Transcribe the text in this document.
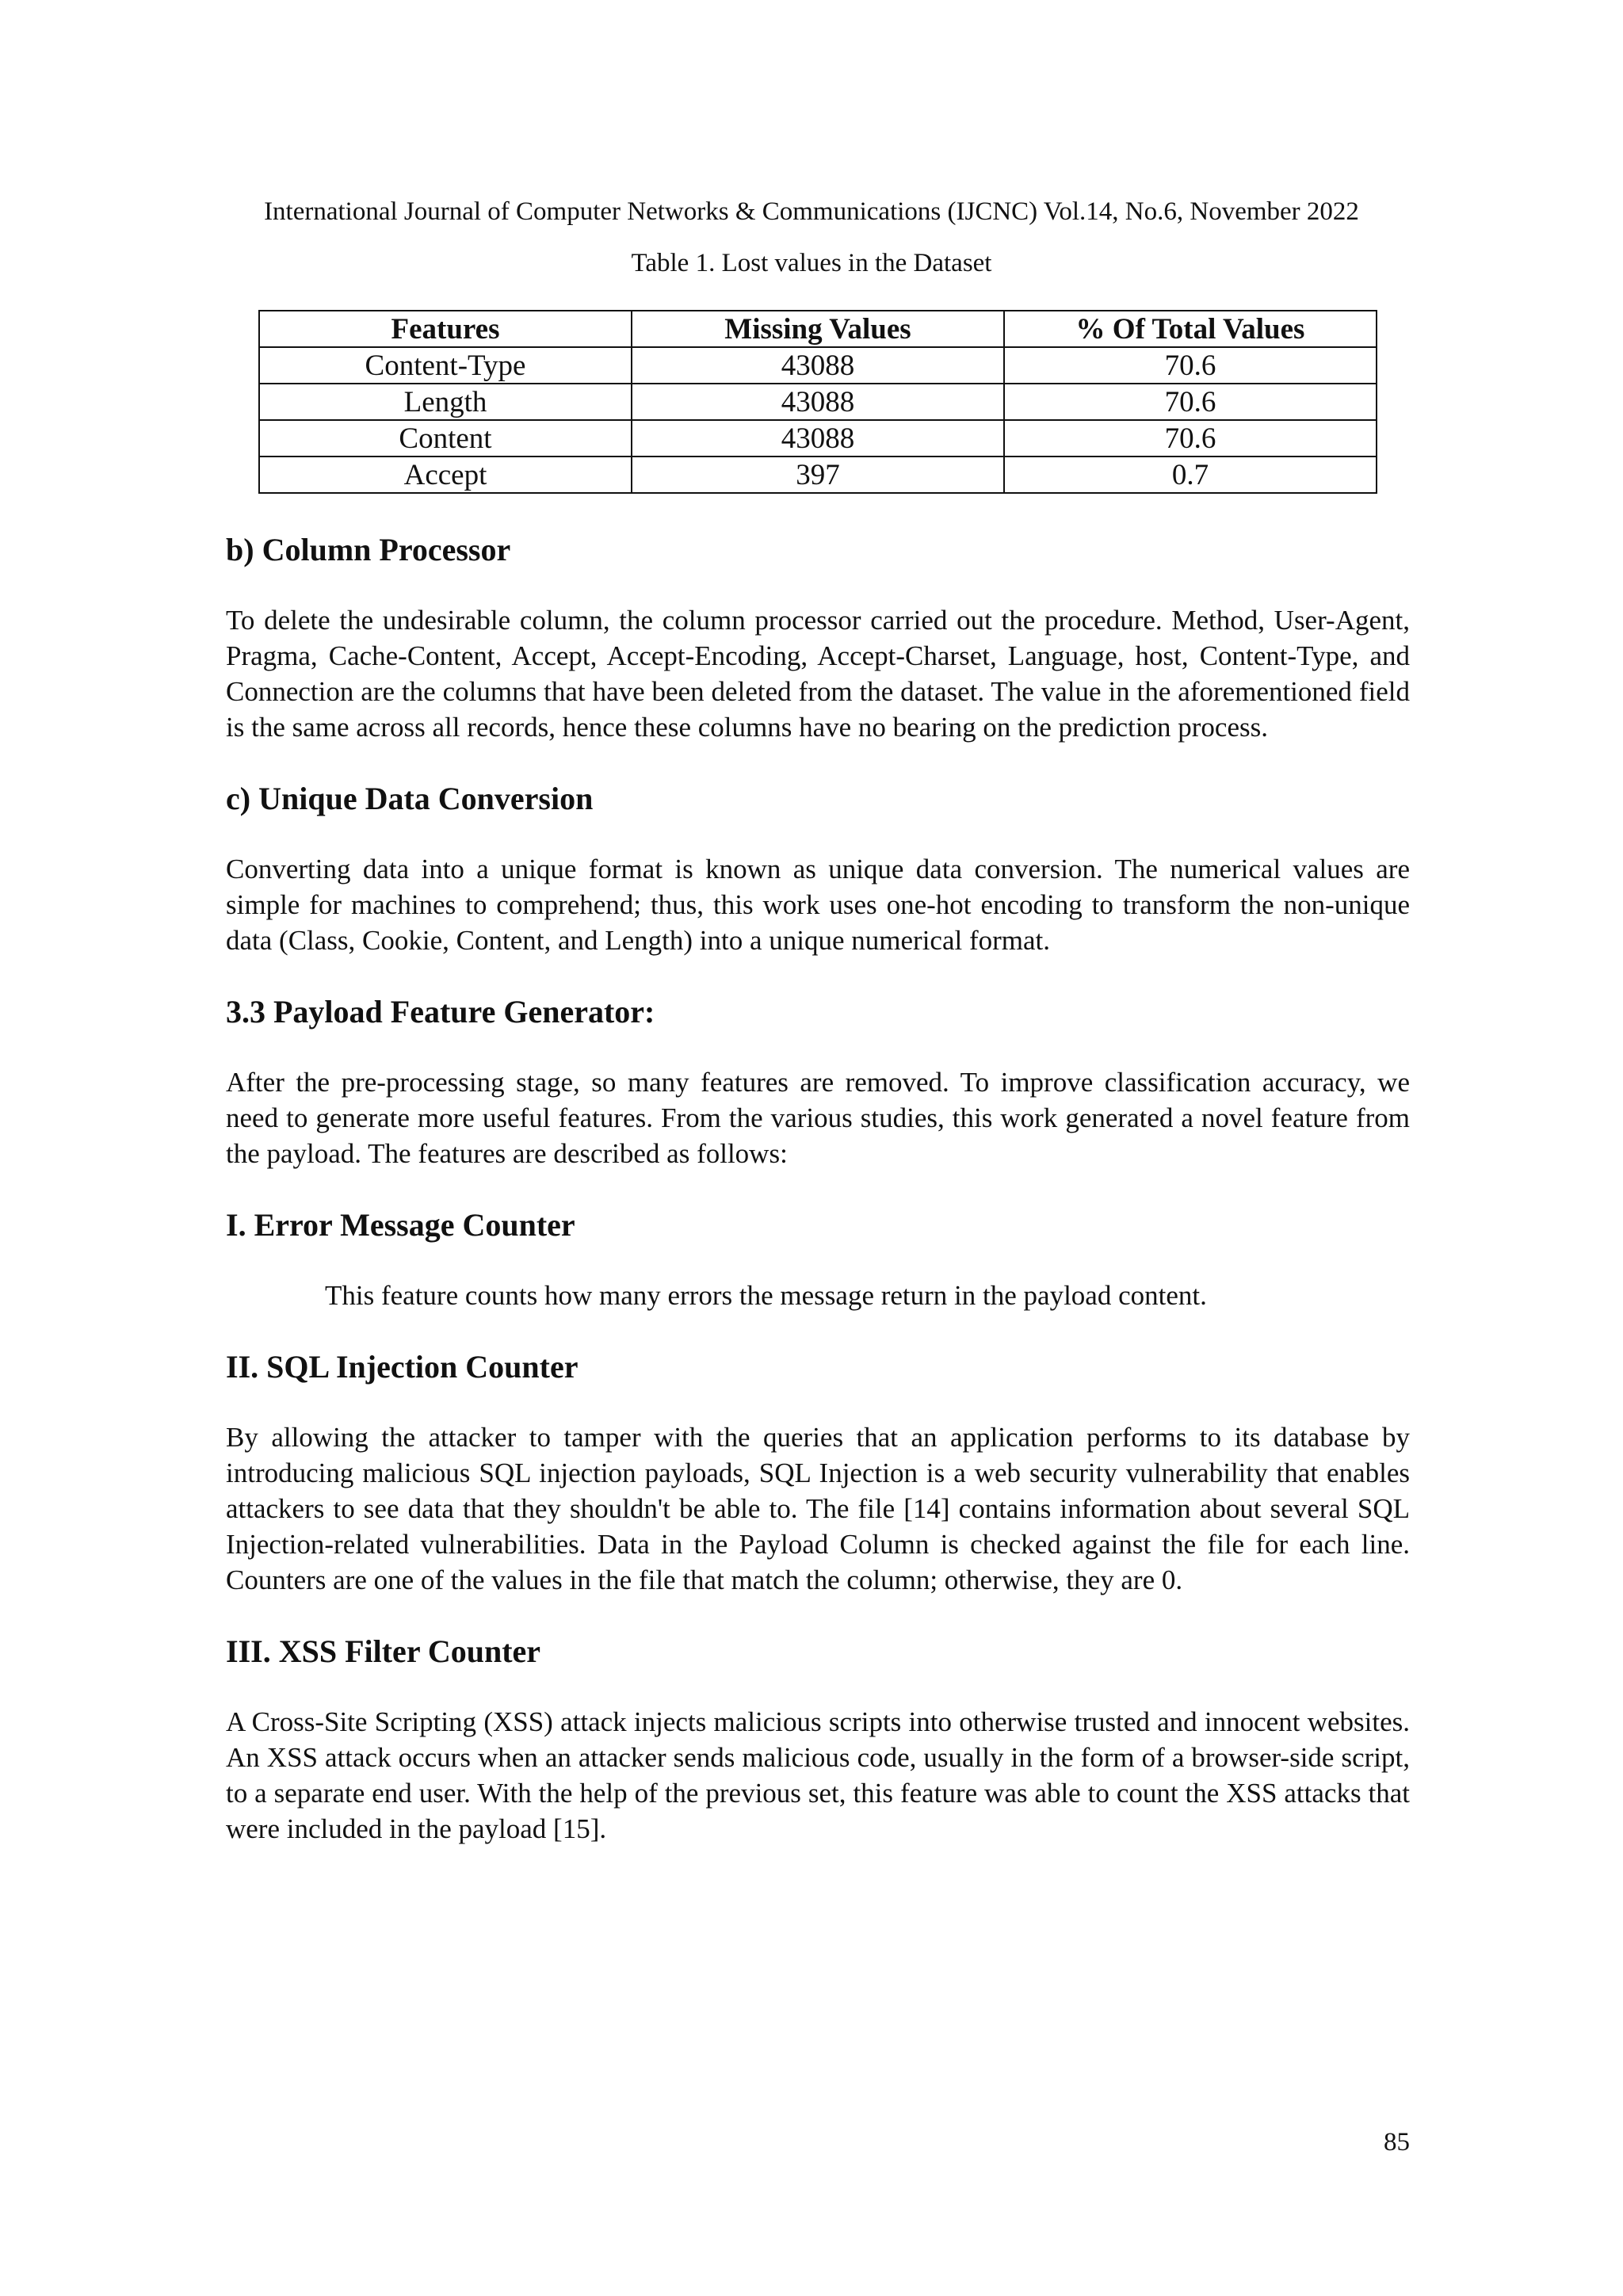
International Journal of Computer Networks & Communications (IJCNC) Vol.14, No.6, November 2022
Table 1. Lost values in the Dataset
Features	Missing Values	% Of Total Values
Content-Type	43088	70.6
Length	43088	70.6
Content	43088	70.6
Accept	397	0.7
b) Column Processor

To delete the undesirable column, the column processor carried out the procedure. Method, User-Agent, Pragma, Cache-Content, Accept, Accept-Encoding, Accept-Charset, Language, host, Content-Type, and Connection are the columns that have been deleted from the dataset. The value in the aforementioned field is the same across all records, hence these columns have no bearing on the prediction process.

c) Unique Data Conversion

Converting data into a unique format is known as unique data conversion. The numerical values are simple for machines to comprehend; thus, this work uses one-hot encoding to transform the non-unique data (Class, Cookie, Content, and Length) into a unique numerical format.

3.3 Payload Feature Generator:

After the pre-processing stage, so many features are removed. To improve classification accuracy, we need to generate more useful features. From the various studies, this work generated a novel feature from the payload. The features are described as follows:

I. Error Message Counter

This feature counts how many errors the message return in the payload content.

II. SQL Injection Counter

By allowing the attacker to tamper with the queries that an application performs to its database by introducing malicious SQL injection payloads, SQL Injection is a web security vulnerability that enables attackers to see data that they shouldn't be able to. The file [14] contains information about several SQL Injection-related vulnerabilities. Data in the Payload Column is checked against the file for each line. Counters are one of the values in the file that match the column; otherwise, they are 0.

III. XSS Filter Counter

A Cross-Site Scripting (XSS) attack injects malicious scripts into otherwise trusted and innocent websites. An XSS attack occurs when an attacker sends malicious code, usually in the form of a browser-side script, to a separate end user. With the help of the previous set, this feature was able to count the XSS attacks that were included in the payload [15].

85
